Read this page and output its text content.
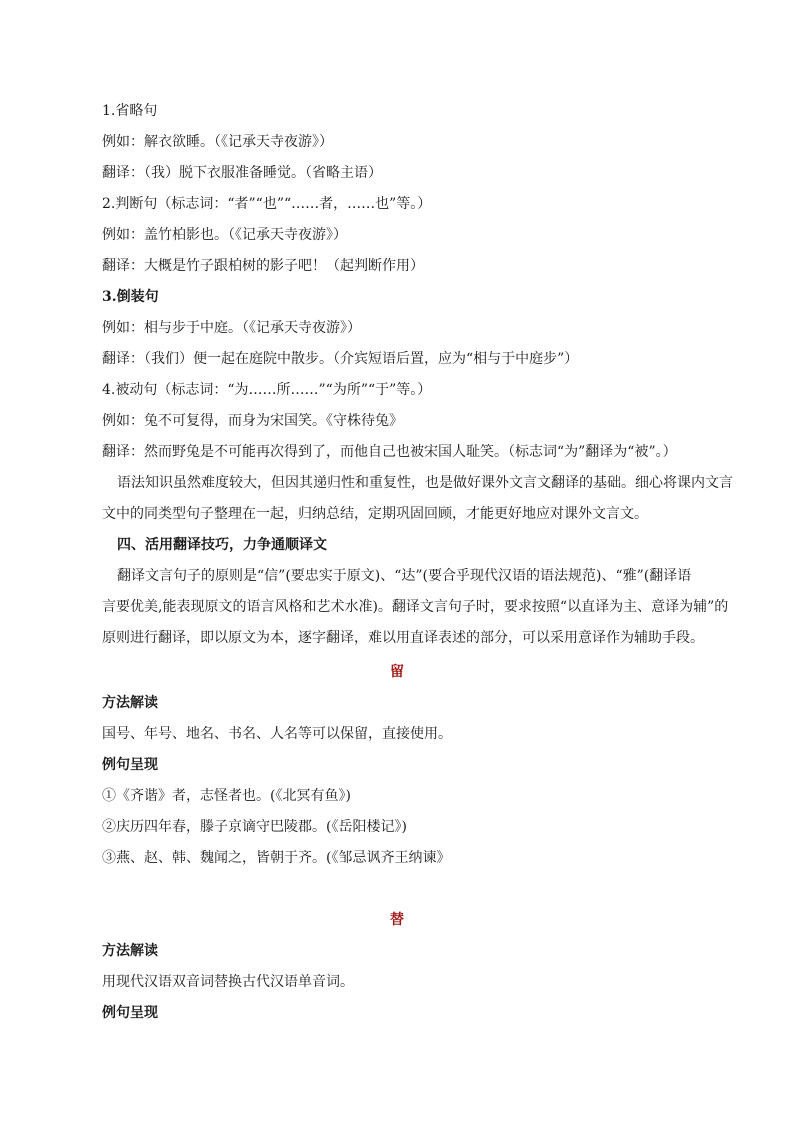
1.省略句
例如：解衣欲睡。（《记承天寺夜游》）
翻译：（我）脱下衣服准备睡觉。（省略主语）
2.判断句（标志词：“者”“也”“……者，……也”等。）
例如：盖竹柏影也。（《记承天寺夜游》）
翻译：大概是竹子跟柏树的影子吧！（起判断作用）
3.倒装句
例如：相与步于中庭。（《记承天寺夜游》）
翻译：（我们）便一起在庭院中散步。（介宾短语后置，应为“相与于中庭步”）
4.被动句（标志词：“为……所……”“为所”“于”等。）
例如：兔不可复得，而身为宋国笑。《守株待兔》
翻译：然而野兔是不可能再次得到了，而他自己也被宋国人耻笑。（标志词“为”翻译为“被”。）
语法知识虽然难度较大，但因其递归性和重复性，也是做好课外文言文翻译的基础。细心将课内文言
文中的同类型句子整理在一起，归纳总结，定期巩固回顾，才能更好地应对课外文言文。
四、活用翻译技巧，力争通顺译文
翻译文言句子的原则是“信”(要忠实于原文)、“达”(要合乎现代汉语的语法规范)、“雅”(翻译语
言要优美,能表现原文的语言风格和艺术水准)。翻译文言句子时，要求按照“以直译为主、意译为辅”的
原则进行翻译，即以原文为本，逐字翻译，难以用直译表述的部分，可以采用意译作为辅助手段。
留
方法解读
国号、年号、地名、书名、人名等可以保留，直接使用。
例句呈现
①《齐谐》者，志怪者也。(《北冥有鱼》)
②庆历四年春，滕子京谪守巴陵郡。(《岳阳楼记》)
③燕、赵、韩、魏闻之，皆朝于齐。(《邹忌讽齐王纳谏》
替
方法解读
用现代汉语双音词替换古代汉语单音词。
例句呈现
